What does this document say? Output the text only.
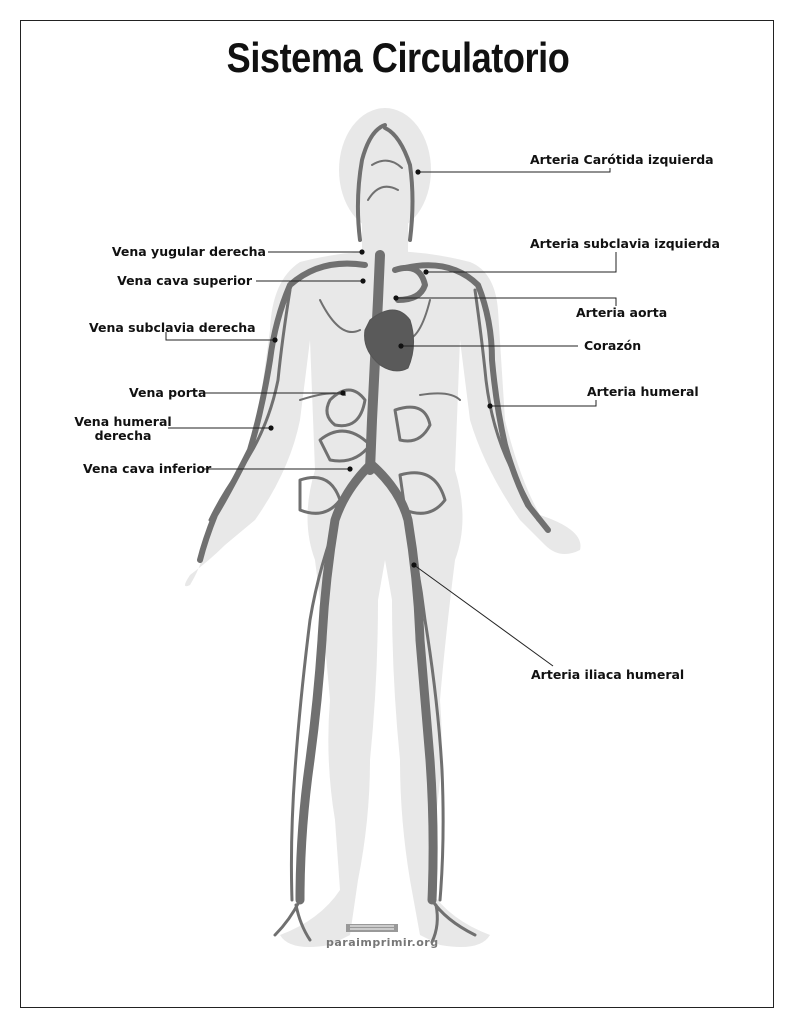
Sistema Circulatorio
Arteria Carótida izquierda
Vena yugular derecha
Arteria subclavia izquierda
Vena cava superior
Arteria aorta
Vena subclavia derecha
Corazón
Vena porta	Arteria humeral
Vena humeral
derecha
Vena cava inferior
Arteria iliaca humeral
paraimprimir.org
